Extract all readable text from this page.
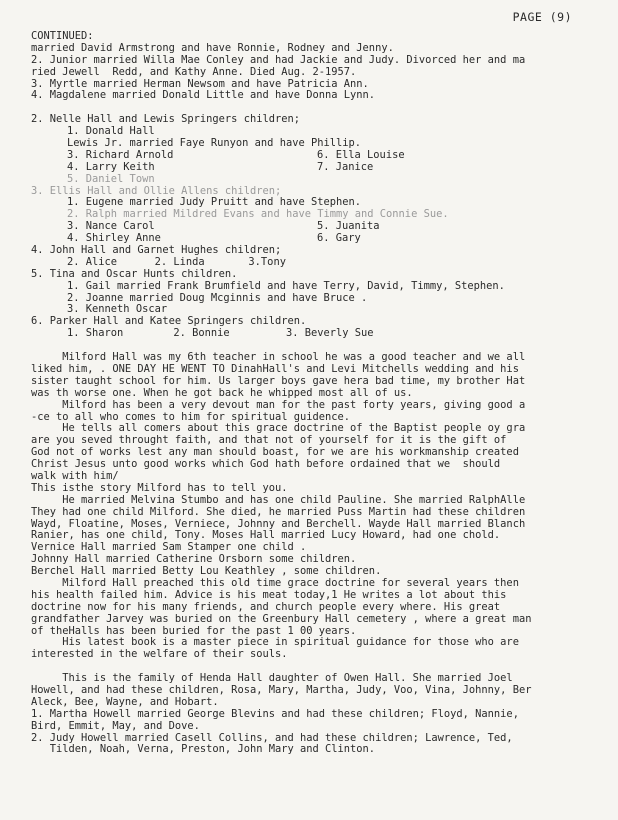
PAGE (9)
CONTINUED:
married David Armstrong and have Ronnie, Rodney and Jenny.
2. Junior married Willa Mae Conley and had Jackie and Judy. Divorced her and ma
ried Jewell  Redd, and Kathy Anne. Died Aug. 2-1957.
3. Myrtle married Herman Newsom and have Patricia Ann.
4. Magdalene married Donald Little and have Donna Lynn.
2. Nelle Hall and Lewis Springers children;
1. Donald Hall
Lewis Jr. married Faye Runyon and have Phillip.
3. Richard Arnold	6. Ella Louise
4. Larry Keith	7. Janice
5. Daniel Town
3. Ellis Hall and Ollie Allens children;
1. Eugene married Judy Pruitt and have Stephen.
2. Ralph married Mildred Evans and have Timmy and Connie Sue.
3. Nance Carol	5. Juanita
4. Shirley Anne	6. Gary
4. John Hall and Garnet Hughes children;
2. Alice      2. Linda       3.Tony
5. Tina and Oscar Hunts children.
1. Gail married Frank Brumfield and have Terry, David, Timmy, Stephen.
2. Joanne married Doug Mcginnis and have Bruce .
3. Kenneth Oscar
6. Parker Hall and Katee Springers children.
1. Sharon        2. Bonnie         3. Beverly Sue
Milford Hall was my 6th teacher in school he was a good teacher and we all
liked him, . ONE DAY HE WENT TO DinahHall's and Levi Mitchells wedding and his
sister taught school for him. Us larger boys gave hera bad time, my brother Hat
was th worse one. When he got back he whipped most all of us.
Milford has been a very devout man for the past forty years, giving good a
-ce to all who comes to him for spiritual guidence.
He tells all comers about this grace doctrine of the Baptist people oy gra
are you seved throught faith, and that not of yourself for it is the gift of
God not of works lest any man should boast, for we are his workmanship created
Christ Jesus unto good works which God hath before ordained that we  should
walk with him/
This isthe story Milford has to tell you.
He married Melvina Stumbo and has one child Pauline. She married RalphAlle
They had one child Milford. She died, he married Puss Martin had these children
Wayd, Floatine, Moses, Verniece, Johnny and Berchell. Wayde Hall married Blanch
Ranier, has one child, Tony. Moses Hall married Lucy Howard, had one chold.
Vernice Hall married Sam Stamper one child .
Johnny Hall married Catherine Orsborn some children.
Berchel Hall married Betty Lou Keathley , some children.
Milford Hall preached this old time grace doctrine for several years then
his health failed him. Advice is his meat today,1 He writes a lot about this
doctrine now for his many friends, and church people every where. His great
grandfather Jarvey was buried on the Greenbury Hall cemetery , where a great man
of theHalls has been buried for the past 1 00 years.
His latest book is a master piece in spiritual guidance for those who are
interested in the welfare of their souls.
This is the family of Henda Hall daughter of Owen Hall. She married Joel
Howell, and had these children, Rosa, Mary, Martha, Judy, Voo, Vina, Johnny, Ber
Aleck, Bee, Wayne, and Hobart.
1. Martha Howell married George Blevins and had these children; Floyd, Nannie,
Bird, Emmit, May, and Dove.
2. Judy Howell married Casell Collins, and had these children; Lawrence, Ted,
Tilden, Noah, Verna, Preston, John Mary and Clinton.
